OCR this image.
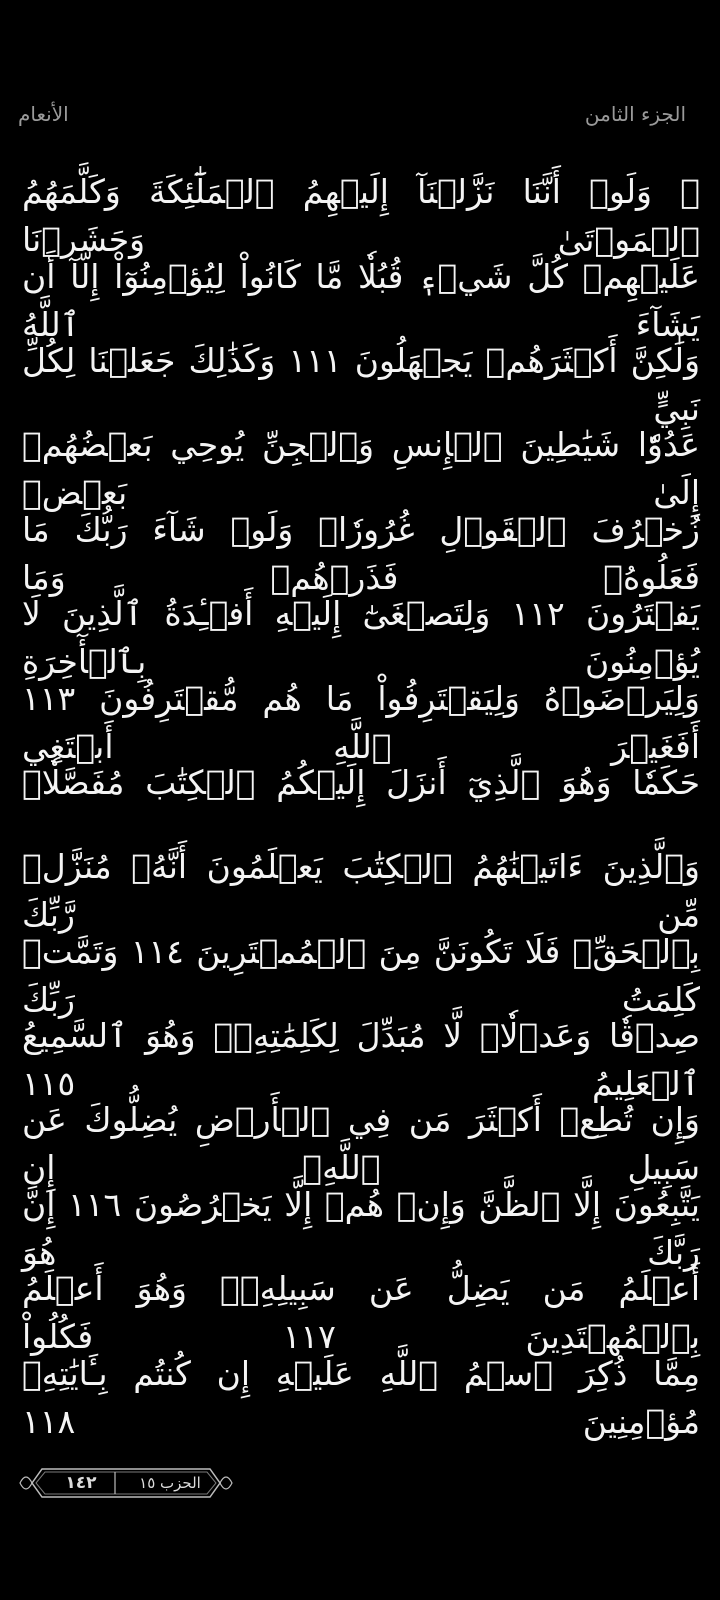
الأنعام	الجزء الثامن
۞ وَلَوۡ أَنَّنَا نَزَّلۡنَآ إِلَيۡهِمُ ٱلۡمَلَٰٓئِكَةَ وَكَلَّمَهُمُ ٱلۡمَوۡتَىٰ وَحَشَرۡنَا
عَلَيۡهِمۡ كُلَّ شَيۡءٖ قُبُلٗا مَّا كَانُواْ لِيُؤۡمِنُوٓاْ إِلَّآ أَن يَشَآءَ ٱللَّهُ
وَلَٰكِنَّ أَكۡثَرَهُمۡ يَجۡهَلُونَ ١١١ وَكَذَٰلِكَ جَعَلۡنَا لِكُلِّ نَبِيٍّ
عَدُوّٗا شَيَٰطِينَ ٱلۡإِنسِ وَٱلۡجِنِّ يُوحِي بَعۡضُهُمۡ إِلَىٰ بَعۡضٖ
زُخۡرُفَ ٱلۡقَوۡلِ غُرُورٗاۚ وَلَوۡ شَآءَ رَبُّكَ مَا فَعَلُوهُۖ فَذَرۡهُمۡ وَمَا
يَفۡتَرُونَ ١١٢ وَلِتَصۡغَىٰٓ إِلَيۡهِ أَفۡـِٔدَةُ ٱلَّذِينَ لَا يُؤۡمِنُونَ بِٱلۡأٓخِرَةِ
وَلِيَرۡضَوۡهُ وَلِيَقۡتَرِفُواْ مَا هُم مُّقۡتَرِفُونَ ١١٣ أَفَغَيۡرَ ٱللَّهِ أَبۡتَغِي
حَكَمٗا وَهُوَ ٱلَّذِيٓ أَنزَلَ إِلَيۡكُمُ ٱلۡكِتَٰبَ مُفَصَّلٗاۚ
وَٱلَّذِينَ ءَاتَيۡنَٰهُمُ ٱلۡكِتَٰبَ يَعۡلَمُونَ أَنَّهُۥ مُنَزَّلٞ مِّن رَّبِّكَ
بِٱلۡحَقِّۖ فَلَا تَكُونَنَّ مِنَ ٱلۡمُمۡتَرِينَ ١١٤ وَتَمَّتۡ كَلِمَتُ رَبِّكَ
صِدۡقٗا وَعَدۡلٗاۚ لَّا مُبَدِّلَ لِكَلِمَٰتِهِۦۚ وَهُوَ ٱلسَّمِيعُ ٱلۡعَلِيمُ ١١٥
وَإِن تُطِعۡ أَكۡثَرَ مَن فِي ٱلۡأَرۡضِ يُضِلُّوكَ عَن سَبِيلِ ٱللَّهِۚ إِن
يَتَّبِعُونَ إِلَّا ٱلظَّنَّ وَإِنۡ هُمۡ إِلَّا يَخۡرُصُونَ ١١٦ إِنَّ رَبَّكَ هُوَ
أَعۡلَمُ مَن يَضِلُّ عَن سَبِيلِهِۦۖ وَهُوَ أَعۡلَمُ بِٱلۡمُهۡتَدِينَ ١١٧ فَكُلُواْ
مِمَّا ذُكِرَ ٱسۡمُ ٱللَّهِ عَلَيۡهِ إِن كُنتُم بِـَٔايَٰتِهِۦ مُؤۡمِنِينَ ١١٨
١٤٢	الحزب ١٥
